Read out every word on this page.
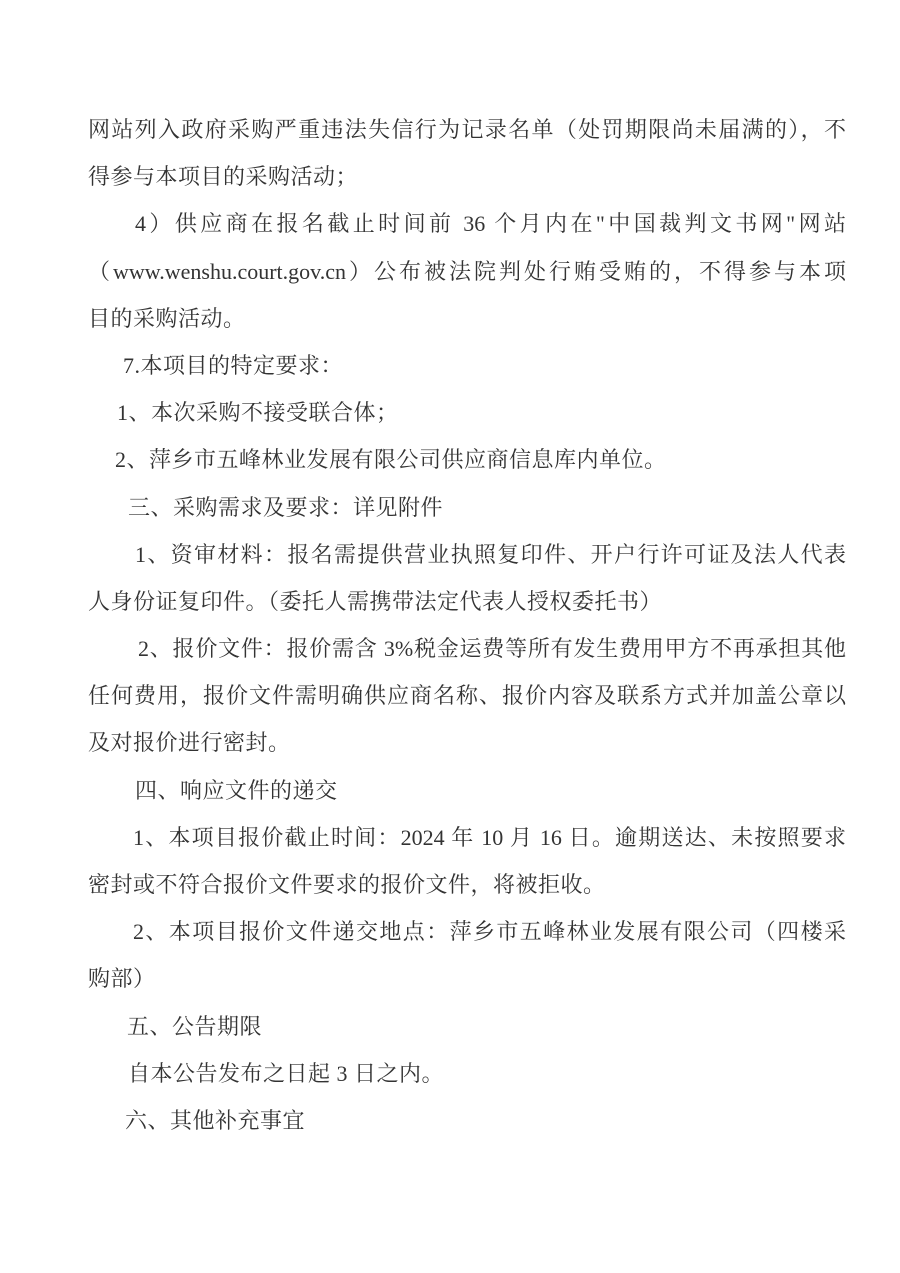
网站列入政府采购严重违法失信行为记录名单（处罚期限尚未届满的），不
得参与本项目的采购活动；
4）供应商在报名截止时间前 36 个月内在"中国裁判文书网"网站
（www.wenshu.court.gov.cn）公布被法院判处行贿受贿的，不得参与本项
目的采购活动。
7.本项目的特定要求：
1、本次采购不接受联合体；
2、萍乡市五峰林业发展有限公司供应商信息库内单位。
三、采购需求及要求：详见附件
1、资审材料：报名需提供营业执照复印件、开户行许可证及法人代表
人身份证复印件。（委托人需携带法定代表人授权委托书）
2、报价文件：报价需含 3%税金运费等所有发生费用甲方不再承担其他
任何费用，报价文件需明确供应商名称、报价内容及联系方式并加盖公章以
及对报价进行密封。
四、响应文件的递交
1、本项目报价截止时间：2024 年 10 月 16 日。逾期送达、未按照要求
密封或不符合报价文件要求的报价文件，将被拒收。
2、本项目报价文件递交地点：萍乡市五峰林业发展有限公司（四楼采
购部）
五、公告期限
自本公告发布之日起 3 日之内。
六、其他补充事宜
